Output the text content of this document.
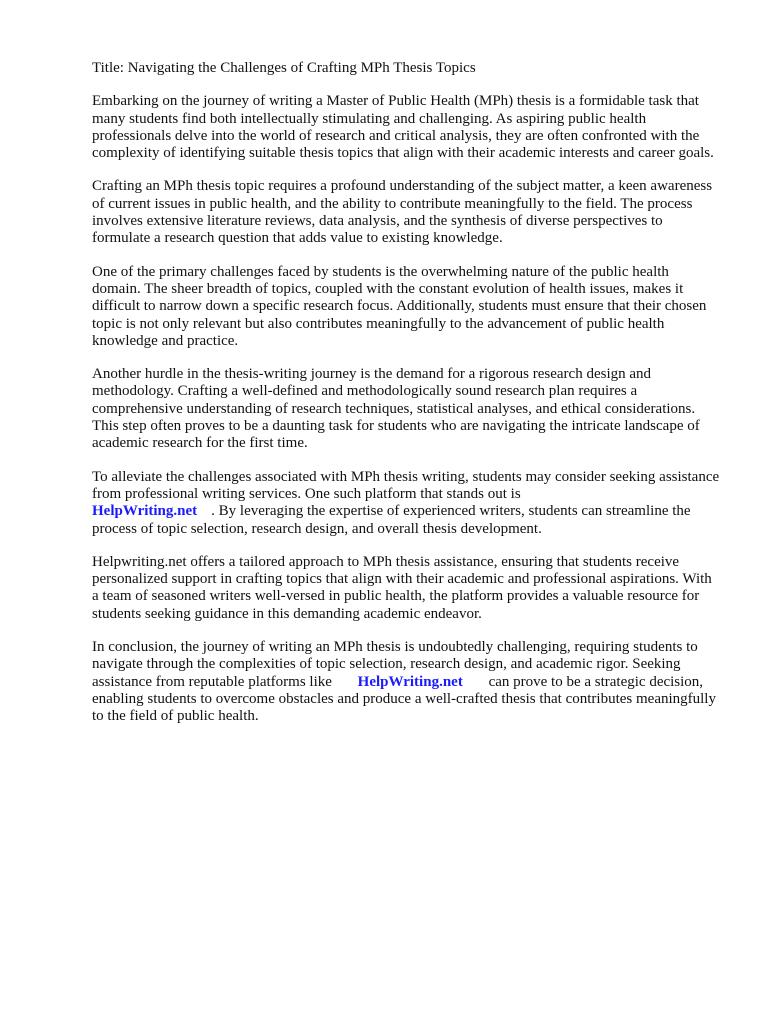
Title: Navigating the Challenges of Crafting MPh Thesis Topics

Embarking on the journey of writing a Master of Public Health (MPh) thesis is a formidable task that many students find both intellectually stimulating and challenging. As aspiring public health professionals delve into the world of research and critical analysis, they are often confronted with the complexity of identifying suitable thesis topics that align with their academic interests and career goals.

Crafting an MPh thesis topic requires a profound understanding of the subject matter, a keen awareness of current issues in public health, and the ability to contribute meaningfully to the field. The process involves extensive literature reviews, data analysis, and the synthesis of diverse perspectives to formulate a research question that adds value to existing knowledge.

One of the primary challenges faced by students is the overwhelming nature of the public health domain. The sheer breadth of topics, coupled with the constant evolution of health issues, makes it difficult to narrow down a specific research focus. Additionally, students must ensure that their chosen topic is not only relevant but also contributes meaningfully to the advancement of public health knowledge and practice.

Another hurdle in the thesis-writing journey is the demand for a rigorous research design and methodology. Crafting a well-defined and methodologically sound research plan requires a comprehensive understanding of research techniques, statistical analyses, and ethical considerations. This step often proves to be a daunting task for students who are navigating the intricate landscape of academic research for the first time.

To alleviate the challenges associated with MPh thesis writing, students may consider seeking assistance from professional writing services. One such platform that stands out is
HelpWriting.net . By leveraging the expertise of experienced writers, students can streamline the process of topic selection, research design, and overall thesis development.

Helpwriting.net offers a tailored approach to MPh thesis assistance, ensuring that students receive personalized support in crafting topics that align with their academic and professional aspirations. With a team of seasoned writers well-versed in public health, the platform provides a valuable resource for students seeking guidance in this demanding academic endeavor.

In conclusion, the journey of writing an MPh thesis is undoubtedly challenging, requiring students to navigate through the complexities of topic selection, research design, and academic rigor. Seeking assistance from reputable platforms like HelpWriting.net can prove to be a strategic decision, enabling students to overcome obstacles and produce a well-crafted thesis that contributes meaningfully to the field of public health.
